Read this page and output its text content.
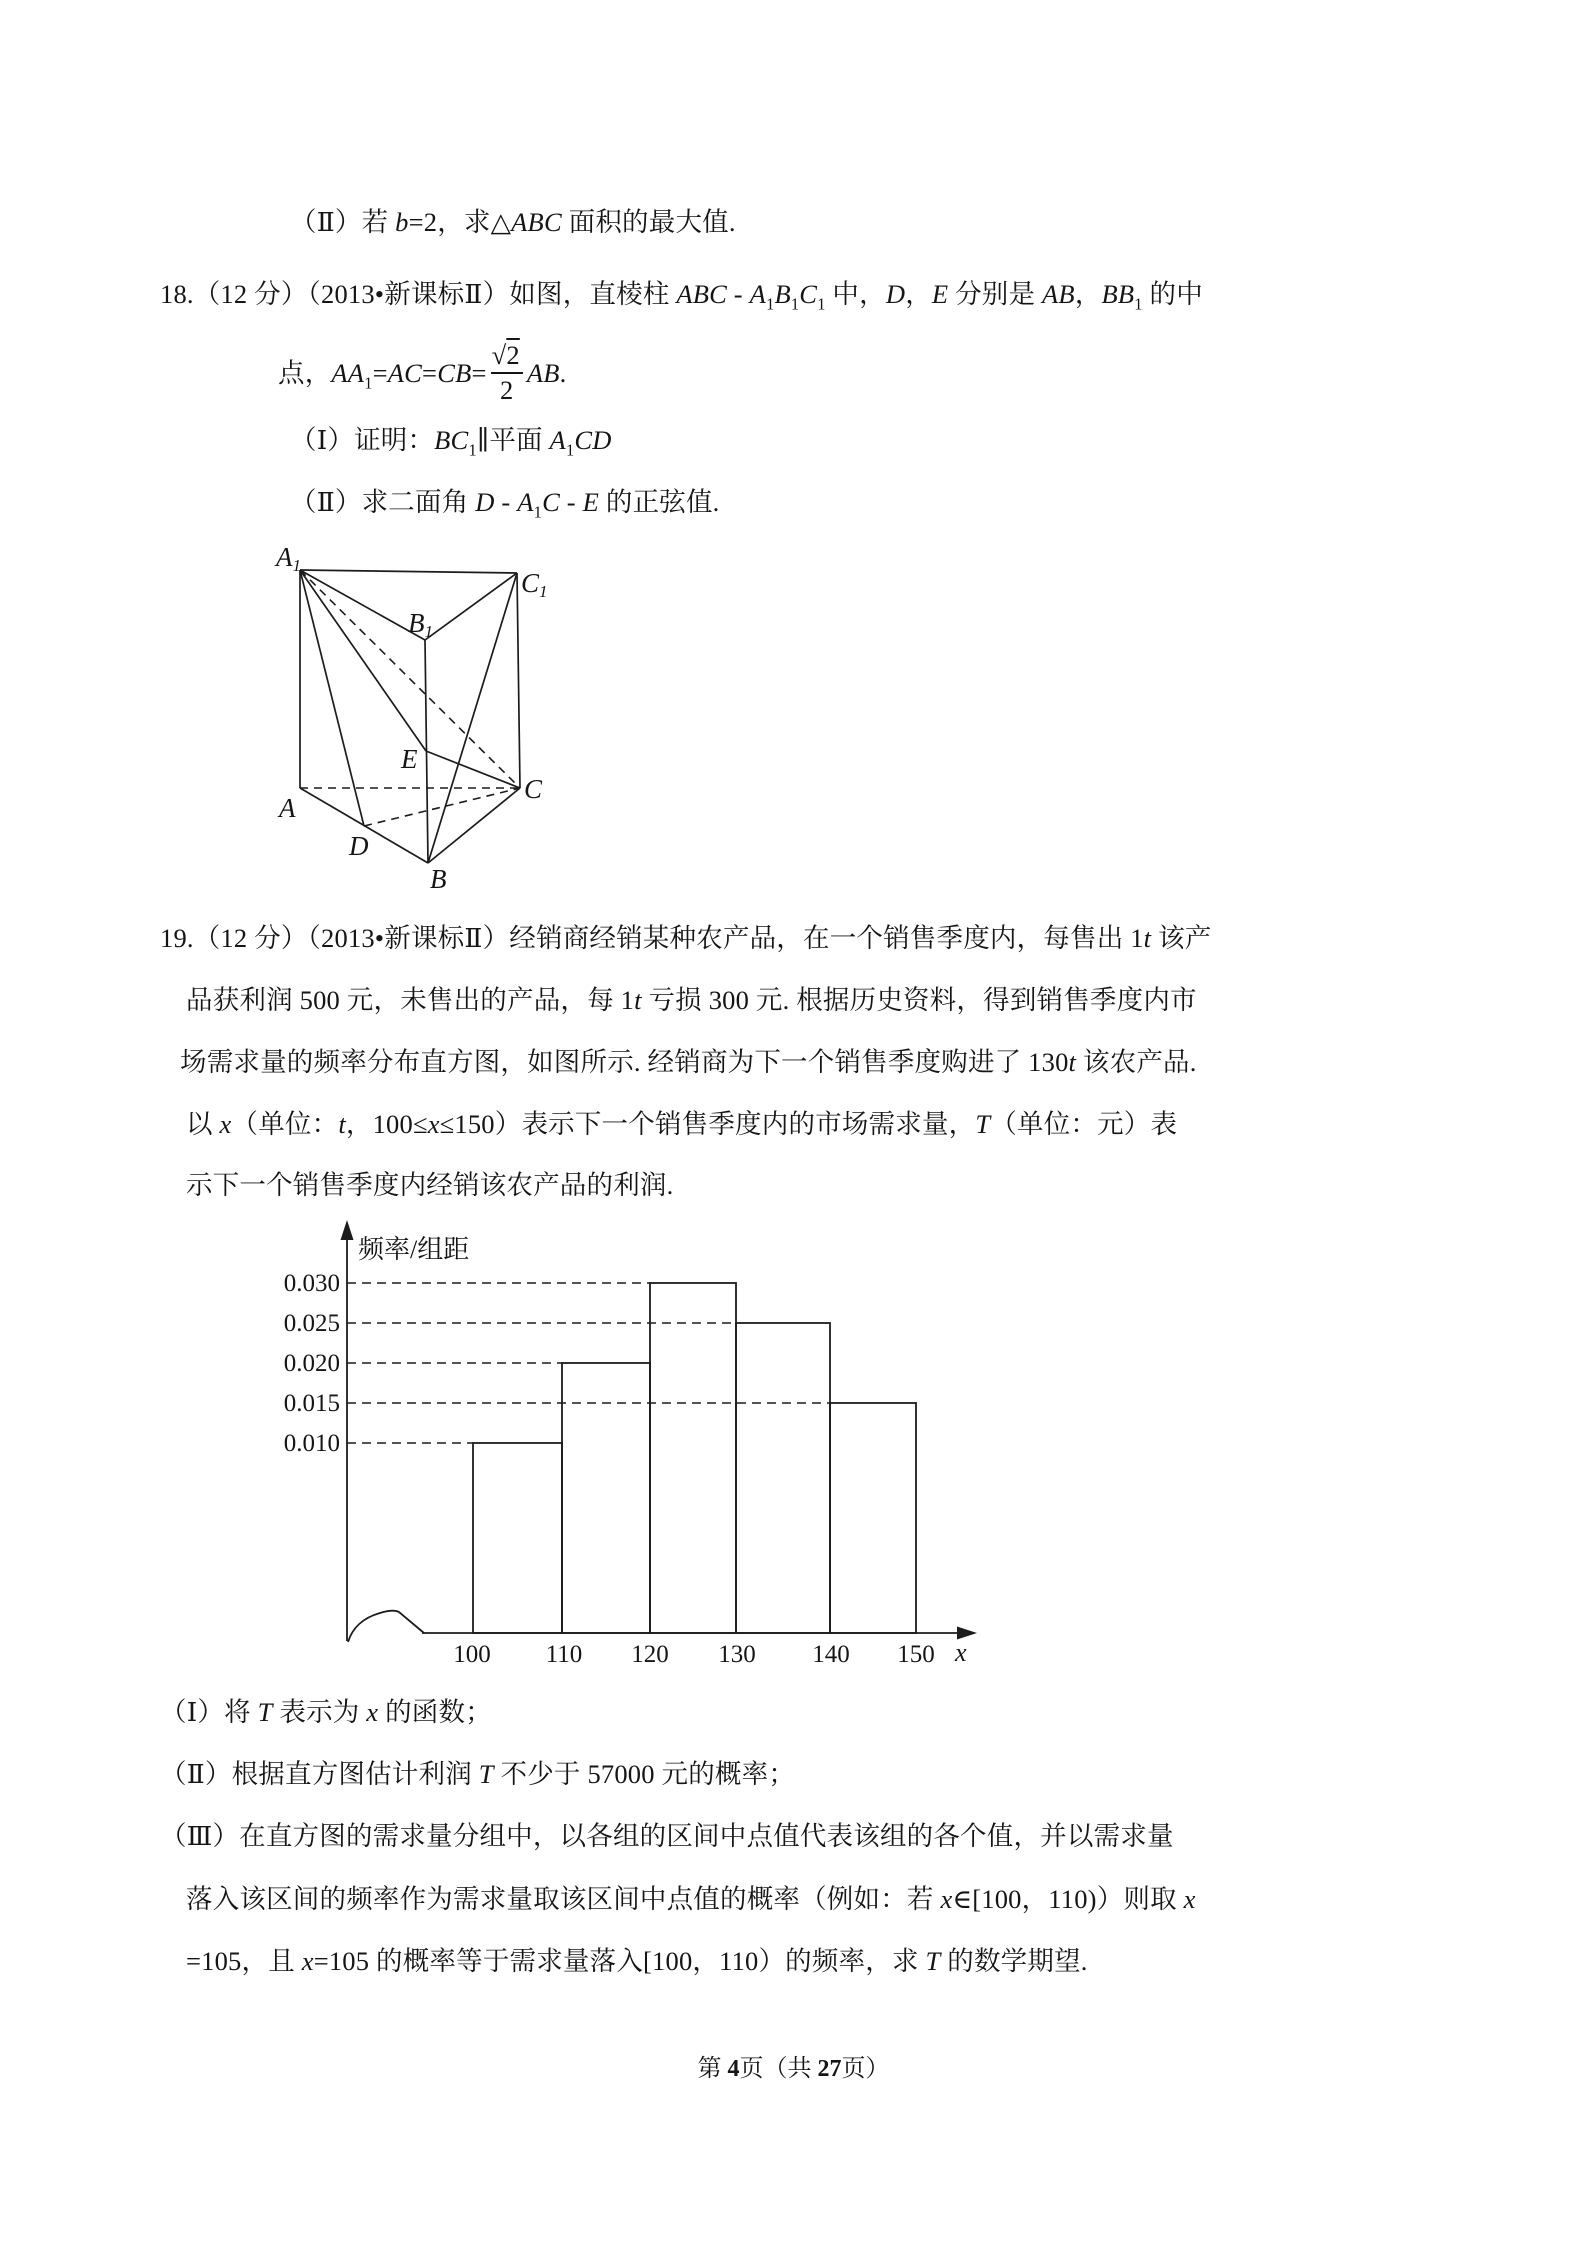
（Ⅱ）若 b=2，求△ABC 面积的最大值.
18.（12 分）（2013•新课标Ⅱ）如图，直棱柱 ABC - $A_1B_1C_1$ 中，D，E 分别是 AB，$BB_1$ 的中
点，$AA_1=AC=CB= \frac{√2}{2}$ AB.
（Ⅰ）证明：$BC_1\parallel$平面 $A_1CD$
（Ⅱ）求二面角 D - $A_1C$ - E 的正弦值.
A1
C1
B1
A
C
B
D
E
19.（12 分）（2013•新课标Ⅱ）经销商经销某种农产品，在一个销售季度内，每售出 1t 该产
品获利润 500 元，未售出的产品，每 1t 亏损 300 元. 根据历史资料，得到销售季度内市
场需求量的频率分布直方图，如图所示. 经销商为下一个销售季度购进了 130t 该农产品.
以 x（单位：t，100≤x≤150）表示下一个销售季度内的市场需求量，T（单位：元）表
示下一个销售季度内经销该农产品的利润.
0.030
0.025
0.020
0.015
0.010
100 110 120 130 140 150
频率/组距
x
（Ⅰ）将 T 表示为 x 的函数；
（Ⅱ）根据直方图估计利润 T 不少于 57000 元的概率；
（Ⅲ）在直方图的需求量分组中，以各组的区间中点值代表该组的各个值，并以需求量
落入该区间的频率作为需求量取该区间中点值的概率（例如：若 x∈[100，110)）则取 x
=105，且 x=105 的概率等于需求量落入[100，110）的频率，求 T 的数学期望.
第 4页（共 27页）
